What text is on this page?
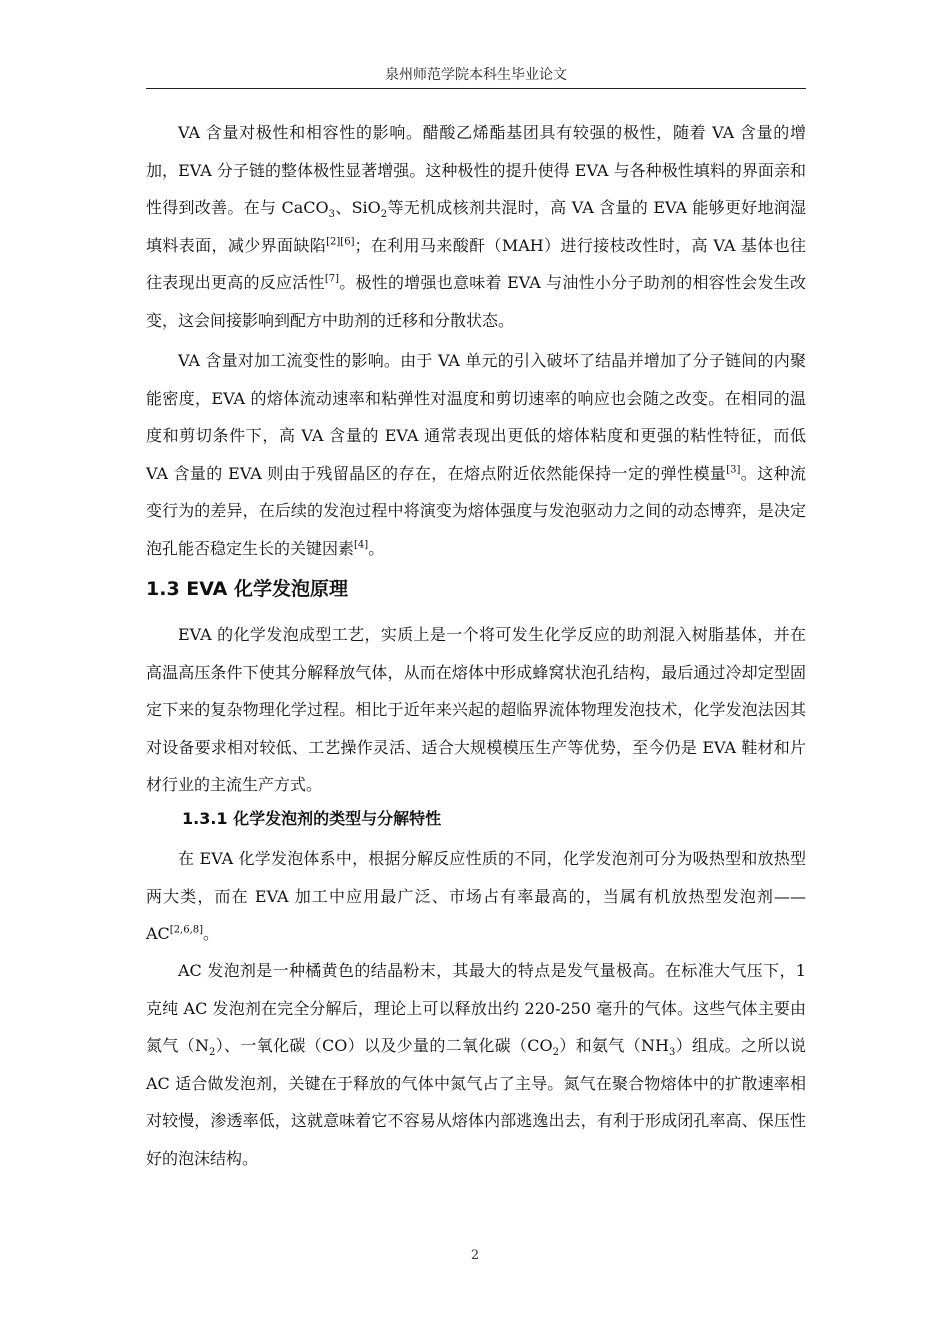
泉州师范学院本科生毕业论文

VA 含量对极性和相容性的影响。醋酸乙烯酯基团具有较强的极性，随着 VA 含量的增加，EVA 分子链的整体极性显著增强。这种极性的提升使得 EVA 与各种极性填料的界面亲和性得到改善。在与 CaCO$_3$、SiO$_2$等无机成核剂共混时，高 VA 含量的 EVA 能够更好地润湿填料表面，减少界面缺陷[2][6]；在利用马来酸酐（MAH）进行接枝改性时，高 VA 基体也往往表现出更高的反应活性[7]。极性的增强也意味着 EVA 与油性小分子助剂的相容性会发生改变，这会间接影响到配方中助剂的迁移和分散状态。

VA 含量对加工流变性的影响。由于 VA 单元的引入破坏了结晶并增加了分子链间的内聚能密度，EVA 的熔体流动速率和粘弹性对温度和剪切速率的响应也会随之改变。在相同的温度和剪切条件下，高 VA 含量的 EVA 通常表现出更低的熔体粘度和更强的粘性特征，而低 VA 含量的 EVA 则由于残留晶区的存在，在熔点附近依然能保持一定的弹性模量[3]。这种流变行为的差异，在后续的发泡过程中将演变为熔体强度与发泡驱动力之间的动态博弈，是决定泡孔能否稳定生长的关键因素[4]。

1.3 EVA 化学发泡原理

EVA 的化学发泡成型工艺，实质上是一个将可发生化学反应的助剂混入树脂基体，并在高温高压条件下使其分解释放气体，从而在熔体中形成蜂窝状泡孔结构，最后通过冷却定型固定下来的复杂物理化学过程。相比于近年来兴起的超临界流体物理发泡技术，化学发泡法因其对设备要求相对较低、工艺操作灵活、适合大规模模压生产等优势，至今仍是 EVA 鞋材和片材行业的主流生产方式。

1.3.1 化学发泡剂的类型与分解特性

在 EVA 化学发泡体系中，根据分解反应性质的不同，化学发泡剂可分为吸热型和放热型两大类，而在 EVA 加工中应用最广泛、市场占有率最高的，当属有机放热型发泡剂——AC[2,6,8]。

AC 发泡剂是一种橘黄色的结晶粉末，其最大的特点是发气量极高。在标准大气压下，1 克纯 AC 发泡剂在完全分解后，理论上可以释放出约 220-250 毫升的气体。这些气体主要由氮气$(N_2)$、一氧化碳（CO）以及少量的二氧化碳$(CO_2)$和氨气$(NH_3)$组成。之所以说 AC 适合做发泡剂，关键在于释放的气体中氮气占了主导。氮气在聚合物熔体中的扩散速率相对较慢，渗透率低，这就意味着它不容易从熔体内部逃逸出去，有利于形成闭孔率高、保压性好的泡沫结构。

2
